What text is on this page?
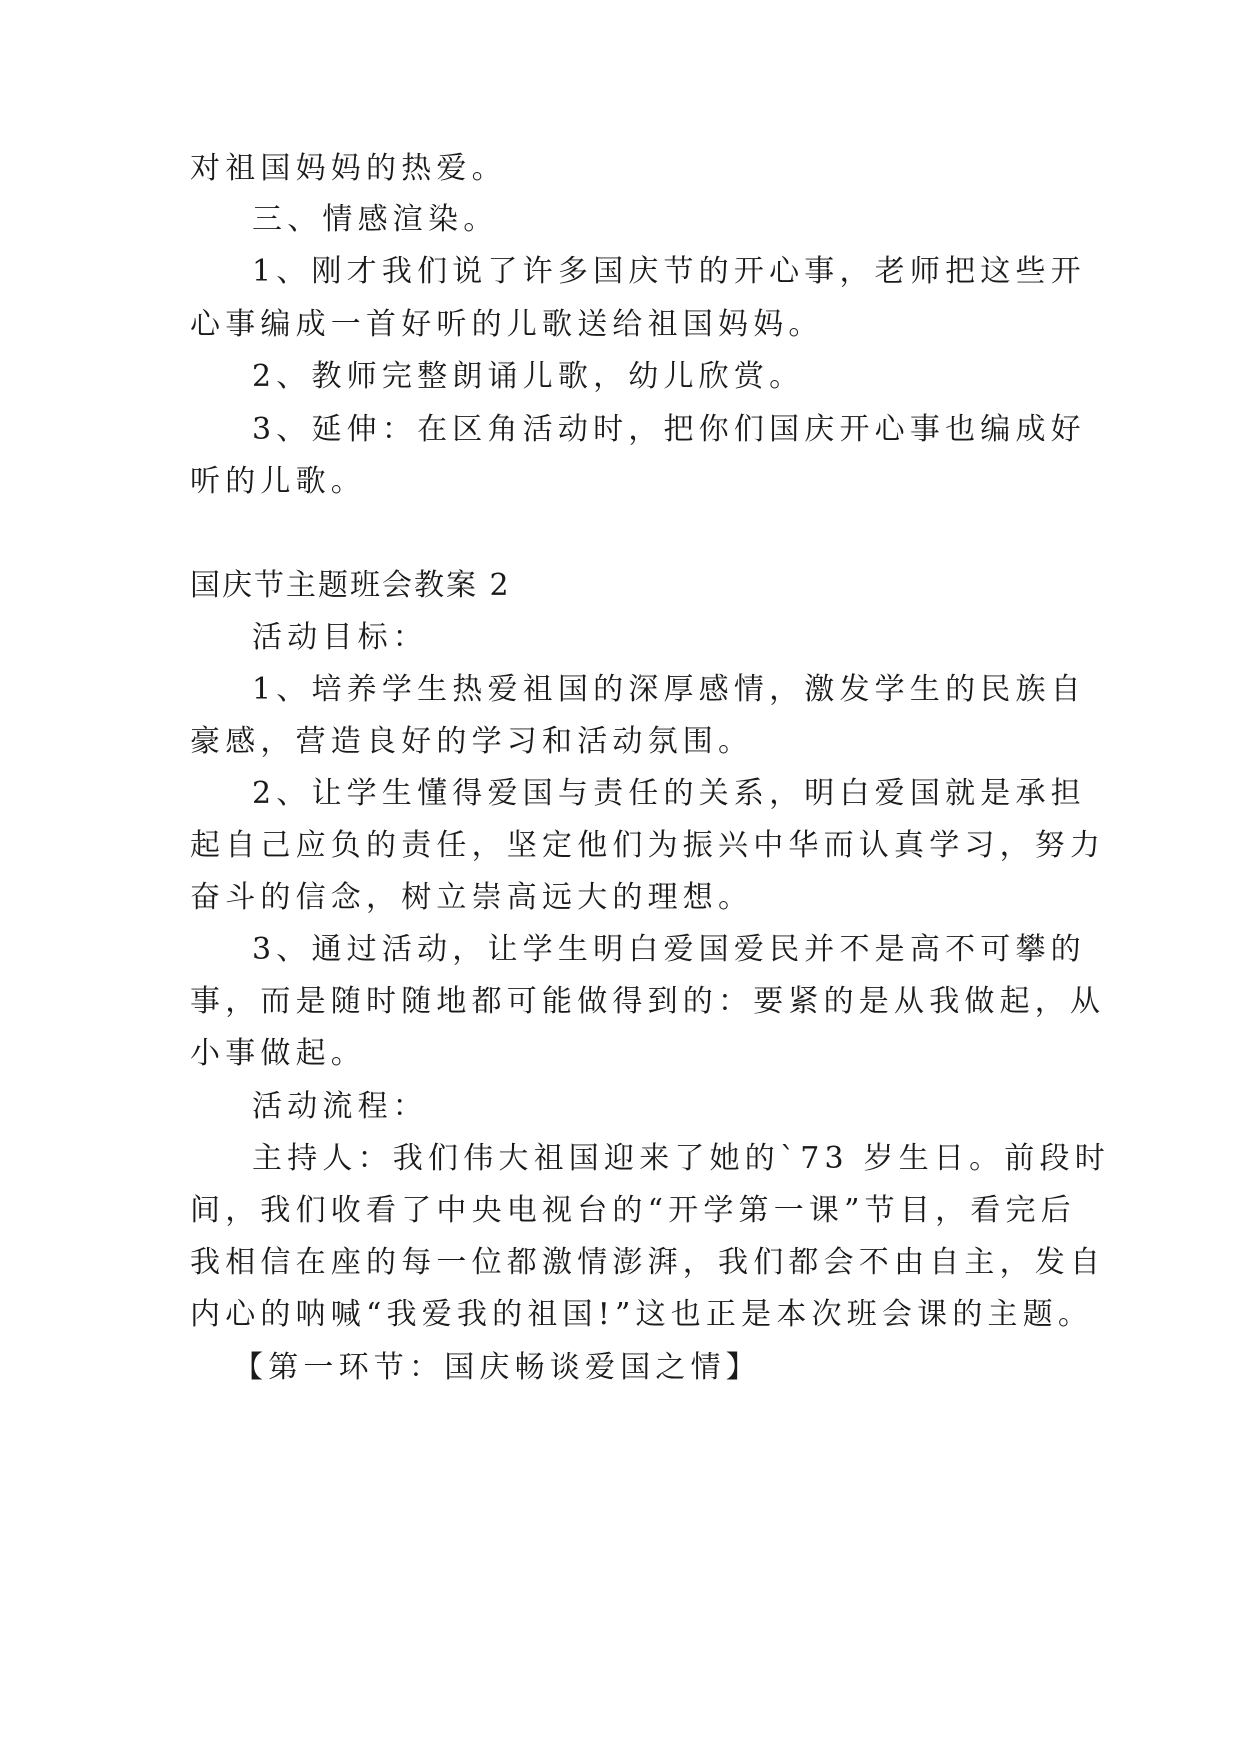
对祖国妈妈的热爱。
三、情感渲染。
1、刚才我们说了许多国庆节的开心事，老师把这些开
心事编成一首好听的儿歌送给祖国妈妈。
2、教师完整朗诵儿歌，幼儿欣赏。
3、延伸：在区角活动时，把你们国庆开心事也编成好
听的儿歌。
国庆节主题班会教案 2
活动目标：
1、培养学生热爱祖国的深厚感情，激发学生的民族自
豪感，营造良好的学习和活动氛围。
2、让学生懂得爱国与责任的关系，明白爱国就是承担
起自己应负的责任，坚定他们为振兴中华而认真学习，努力
奋斗的信念，树立崇高远大的理想。
3、通过活动，让学生明白爱国爱民并不是高不可攀的
事，而是随时随地都可能做得到的：要紧的是从我做起，从
小事做起。
活动流程：
主持人：我们伟大祖国迎来了她的`73 岁生日。前段时
间，我们收看了中央电视台的“开学第一课”节目，看完后
我相信在座的每一位都激情澎湃，我们都会不由自主，发自
内心的呐喊“我爱我的祖国!”这也正是本次班会课的主题。
【第一环节：国庆畅谈爱国之情】
